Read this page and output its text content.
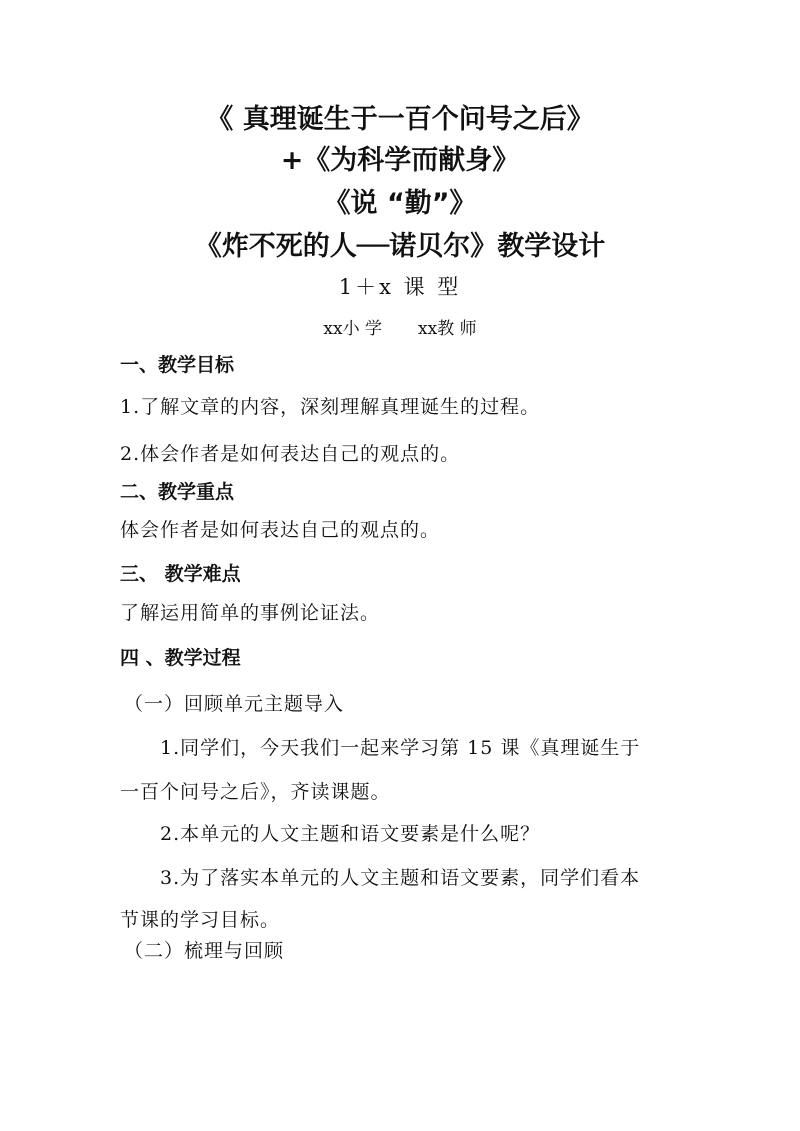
《 真理诞生于一百个问号之后》
+《为科学而献身》
《说 “勤”》
《炸不死的人──诺贝尔》教学设计
1＋x 课 型
xx小 学 xx教 师
一、教学目标
1.了解文章的内容，深刻理解真理诞生的过程。
2.体会作者是如何表达自己的观点的。
二、教学重点
体会作者是如何表达自己的观点的。
三、 教学难点
了解运用简单的事例论证法。
四 、教学过程
（一）回顾单元主题导入
1.同学们，今天我们一起来学习第 15 课《真理诞生于
一百个问号之后》，齐读课题。
2.本单元的人文主题和语文要素是什么呢？
3.为了落实本单元的人文主题和语文要素，同学们看本
节课的学习目标。
（二）梳理与回顾
